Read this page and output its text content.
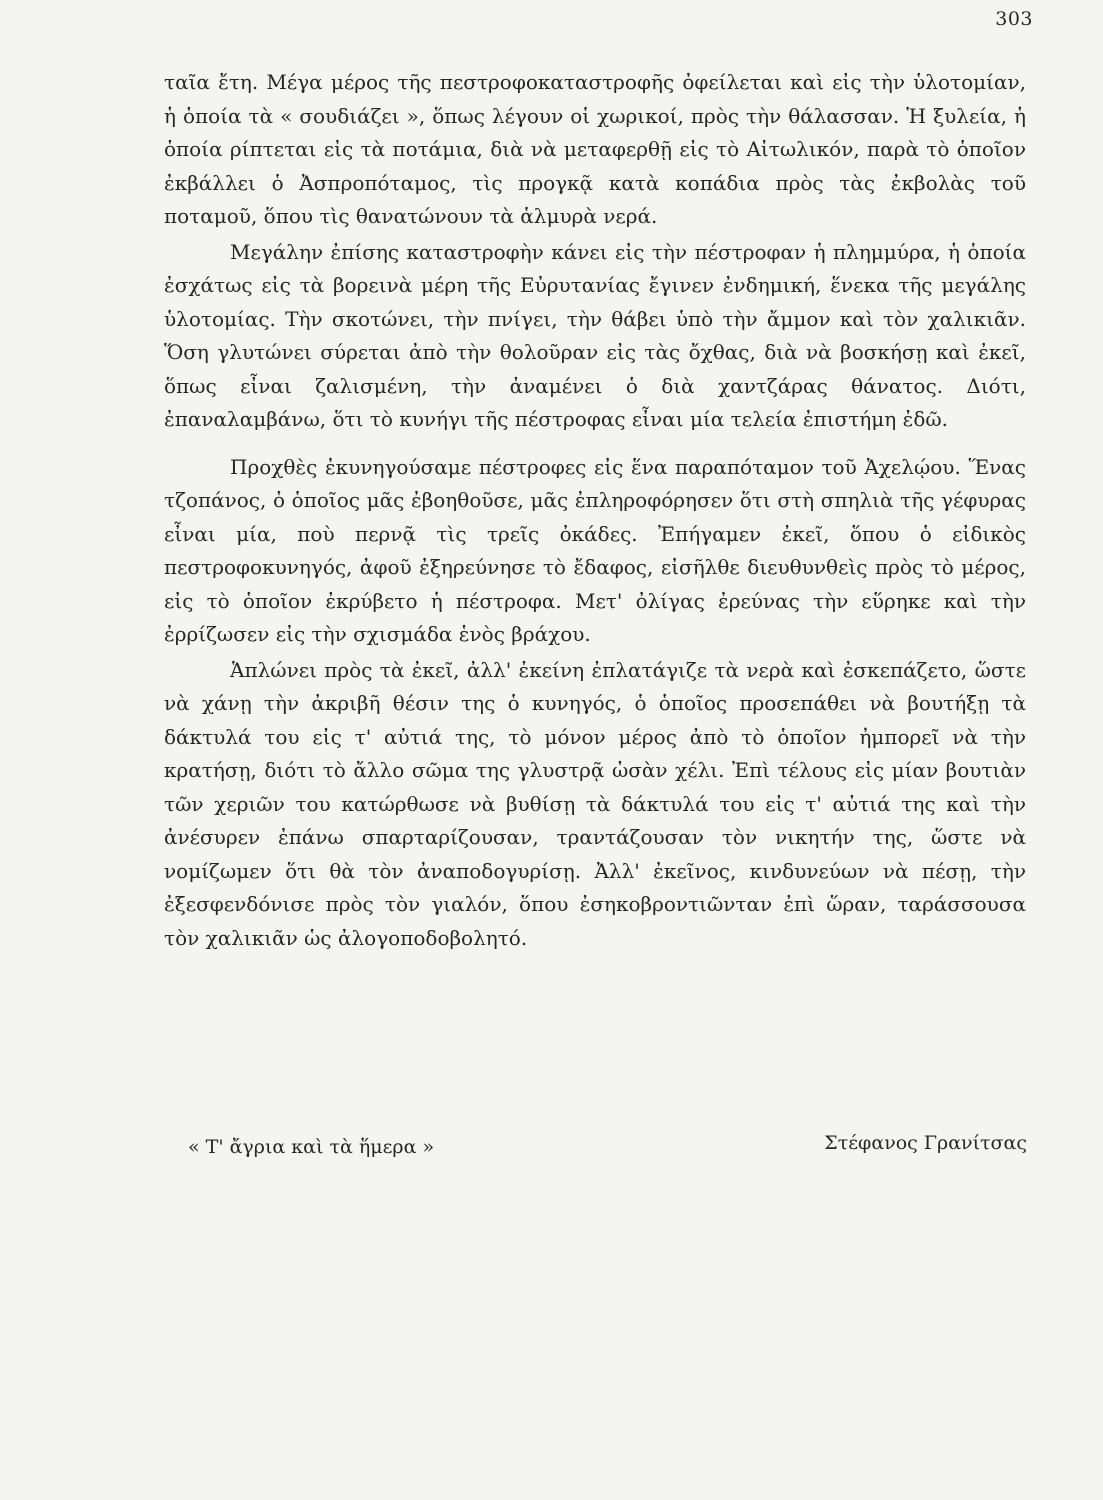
303

ταῖα ἔτη. Μέγα μέρος τῆς πεστροφοκαταστροφῆς ὀφείλεται καὶ εἰς τὴν ὑλοτομίαν, ἡ ὁποία τὰ « σουδιάζει », ὅπως λέγουν οἱ χωρικοί, πρὸς τὴν θάλασσαν. Ἡ ξυλεία, ἡ ὁποία ρίπτεται εἰς τὰ ποτάμια, διὰ νὰ μεταφερθῇ εἰς τὸ Αἰτωλικόν, παρὰ τὸ ὁποῖον ἐκβάλλει ὁ Ἀσπροπόταμος, τὶς προγκᾷ κατὰ κοπάδια πρὸς τὰς ἐκβολὰς τοῦ ποταμοῦ, ὅπου τὶς θανατώνουν τὰ ἁλμυρὰ νερά.

Μεγάλην ἐπίσης καταστροφὴν κάνει εἰς τὴν πέστροφαν ἡ πλημμύρα, ἡ ὁποία ἐσχάτως εἰς τὰ βορεινὰ μέρη τῆς Εὐρυτανίας ἔγινεν ἐνδημική, ἕνεκα τῆς μεγάλης ὑλοτομίας. Τὴν σκοτώνει, τὴν πνίγει, τὴν θάβει ὑπὸ τὴν ἄμμον καὶ τὸν χαλικιᾶν. Ὅση γλυτώνει σύρεται ἀπὸ τὴν θολοῦραν εἰς τὰς ὄχθας, διὰ νὰ βοσκήσῃ καὶ ἐκεῖ, ὅπως εἶναι ζαλισμένη, τὴν ἀναμένει ὁ διὰ χαντζάρας θάνατος. Διότι, ἐπαναλαμβάνω, ὅτι τὸ κυνήγι τῆς πέστροφας εἶναι μία τελεία ἐπιστήμη ἐδῶ.

Προχθὲς ἐκυνηγούσαμε πέστροφες εἰς ἕνα παραπόταμον τοῦ Ἀχελῴου. Ἕνας τζοπάνος, ὁ ὁποῖος μᾶς ἐβοηθοῦσε, μᾶς ἐπληροφόρησεν ὅτι στὴ σπηλιὰ τῆς γέφυρας εἶναι μία, ποὺ περνᾷ τὶς τρεῖς ὀκάδες. Ἐπήγαμεν ἐκεῖ, ὅπου ὁ εἰδικὸς πεστροφοκυνηγός, ἀφοῦ ἐξηρεύνησε τὸ ἔδαφος, εἰσῆλθε διευθυνθεὶς πρὸς τὸ μέρος, εἰς τὸ ὁποῖον ἐκρύβετο ἡ πέστροφα. Μετ' ὀλίγας ἐρεύνας τὴν εὕρηκε καὶ τὴν ἐρρίζωσεν εἰς τὴν σχισμάδα ἑνὸς βράχου.

Ἁπλώνει πρὸς τὰ ἐκεῖ, ἀλλ' ἐκείνη ἐπλατάγιζε τὰ νερὰ καὶ ἐσκεπάζετο, ὥστε νὰ χάνῃ τὴν ἀκριβῆ θέσιν της ὁ κυνηγός, ὁ ὁποῖος προσεπάθει νὰ βουτήξῃ τὰ δάκτυλά του εἰς τ' αὐτιά της, τὸ μόνον μέρος ἀπὸ τὸ ὁποῖον ἠμπορεῖ νὰ τὴν κρατήσῃ, διότι τὸ ἄλλο σῶμα της γλυστρᾷ ὡσὰν χέλι. Ἐπὶ τέλους εἰς μίαν βουτιὰν τῶν χεριῶν του κατώρθωσε νὰ βυθίσῃ τὰ δάκτυλά του εἰς τ' αὐτιά της καὶ τὴν ἀνέσυρεν ἐπάνω σπαρταρίζουσαν, τραντάζουσαν τὸν νικητήν της, ὥστε νὰ νομίζωμεν ὅτι θὰ τὸν ἀναποδογυρίσῃ. Ἀλλ' ἐκεῖνος, κινδυνεύων νὰ πέσῃ, τὴν ἐξεσφενδόνισε πρὸς τὸν γιαλόν, ὅπου ἐσηκοβροντιῶνταν ἐπὶ ὥραν, ταράσσουσα τὸν χαλικιᾶν ὡς ἀλογοποδοβολητό.

« Τ' ἄγρια καὶ τὰ ἥμερα »	Στέφανος Γρανίτσας
